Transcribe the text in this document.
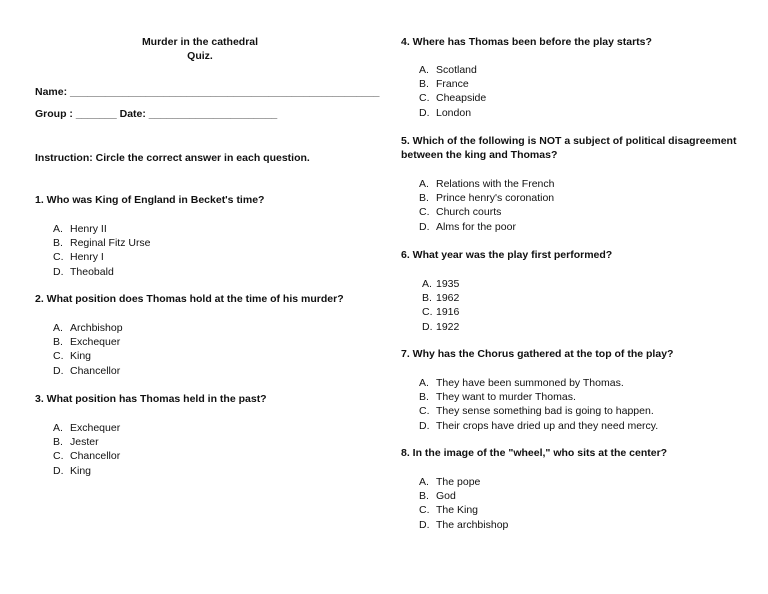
Murder in the cathedral
Quiz.
Name: _____________________________________________________
Group : _______ Date: ______________________
Instruction: Circle the correct answer in each question.
1. Who was King of England in Becket's time?
A. Henry II
B. Reginal Fitz Urse
C. Henry I
D. Theobald
2. What position does Thomas hold at the time of his murder?
A. Archbishop
B. Exchequer
C. King
D. Chancellor
3. What position has Thomas held in the past?
A. Exchequer
B. Jester
C. Chancellor
D. King
4. Where has Thomas been before the play starts?
A. Scotland
B. France
C. Cheapside
D. London
5. Which of the following is NOT a subject of political disagreement between the king and Thomas?
A. Relations with the French
B. Prince henry's coronation
C. Church courts
D. Alms for the poor
6. What year was the play first performed?
A. 1935
B. 1962
C. 1916
D. 1922
7. Why has the Chorus gathered at the top of the play?
A. They have been summoned by Thomas.
B. They want to murder Thomas.
C. They sense something bad is going to happen.
D. Their crops have dried up and they need mercy.
8. In the image of the "wheel," who sits at the center?
A. The pope
B. God
C. The King
D. The archbishop
